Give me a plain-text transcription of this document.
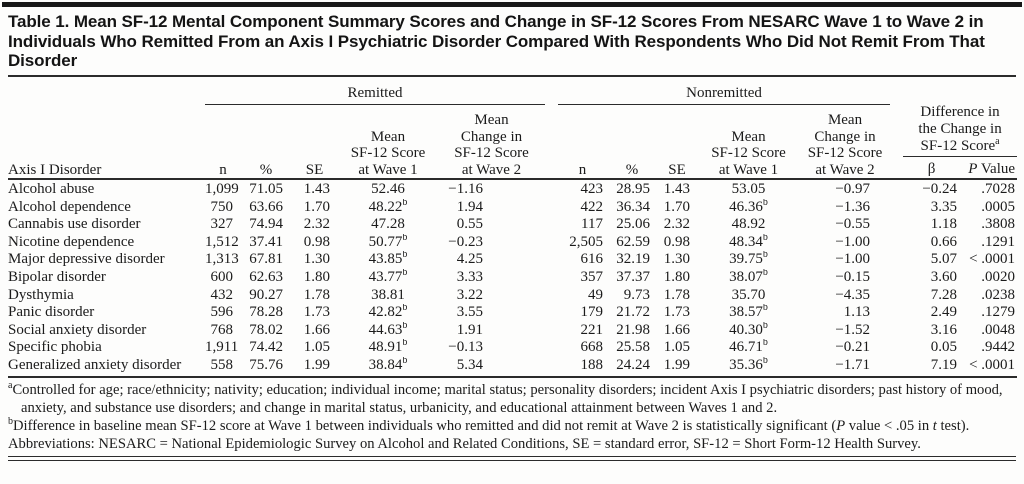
Table 1. Mean SF-12 Mental Component Summary Scores and Change in SF-12 Scores From NESARC Wave 1 to Wave 2 in Individuals Who Remitted From an Axis I Psychiatric Disorder Compared With Respondents Who Did Not Remit From That Disorder
	Remitted						Nonremitted							
Axis I Disorder	n	%	SE	Mean
SF-12 Score
at Wave 1	Mean
Change in
SF-12 Score
at Wave 2		n	%	SE	Mean
SF-12 Score
at Wave 1	Mean
Change in
SF-12 Score
at Wave 2		Difference in
the Change in
SF-12 Score$^a$
													β	P Value
Alcohol abuse	1,099	71.05	1.43	52.46	−1.16		423	28.95	1.43	53.05	−0.97		−0.24	.7028
Alcohol dependence	750	63.66	1.70	48.22$^b$	1.94		422	36.34	1.70	46.36$^b$	−1.36		3.35	.0005
Cannabis use disorder	327	74.94	2.32	47.28	0.55		117	25.06	2.32	48.92	−0.55		1.18	.3808
Nicotine dependence	1,512	37.41	0.98	50.77$^b$	−0.23		2,505	62.59	0.98	48.34$^b$	−1.00		0.66	.1291
Major depressive disorder	1,313	67.81	1.30	43.85$^b$	4.25		616	32.19	1.30	39.75$^b$	−1.00		5.07	< .0001
Bipolar disorder	600	62.63	1.80	43.77$^b$	3.33		357	37.37	1.80	38.07$^b$	−0.15		3.60	.0020
Dysthymia	432	90.27	1.78	38.81	3.22		49	9.73	1.78	35.70	−4.35		7.28	.0238
Panic disorder	596	78.28	1.73	42.82$^b$	3.55		179	21.72	1.73	38.57$^b$	1.13		2.49	.1279
Social anxiety disorder	768	78.02	1.66	44.63$^b$	1.91		221	21.98	1.66	40.30$^b$	−1.52		3.16	.0048
Specific phobia	1,911	74.42	1.05	48.91$^b$	−0.13		668	25.58	1.05	46.71$^b$	−0.21		0.05	.9442
Generalized anxiety disorder	558	75.76	1.99	38.84$^b$	5.34		188	24.24	1.99	35.36$^b$	−1.71		7.19	< .0001
$^a$Controlled for age; race/ethnicity; nativity; education; individual income; marital status; personality disorders; incident Axis I psychiatric disorders; past history of mood, anxiety, and substance use disorders; and change in marital status, urbanicity, and educational attainment between Waves 1 and 2.
$^b$Difference in baseline mean SF-12 score at Wave 1 between individuals who remitted and did not remit at Wave 2 is statistically significant (P value < .05 in t test).
Abbreviations: NESARC = National Epidemiologic Survey on Alcohol and Related Conditions, SE = standard error, SF-12 = Short Form-12 Health Survey.
